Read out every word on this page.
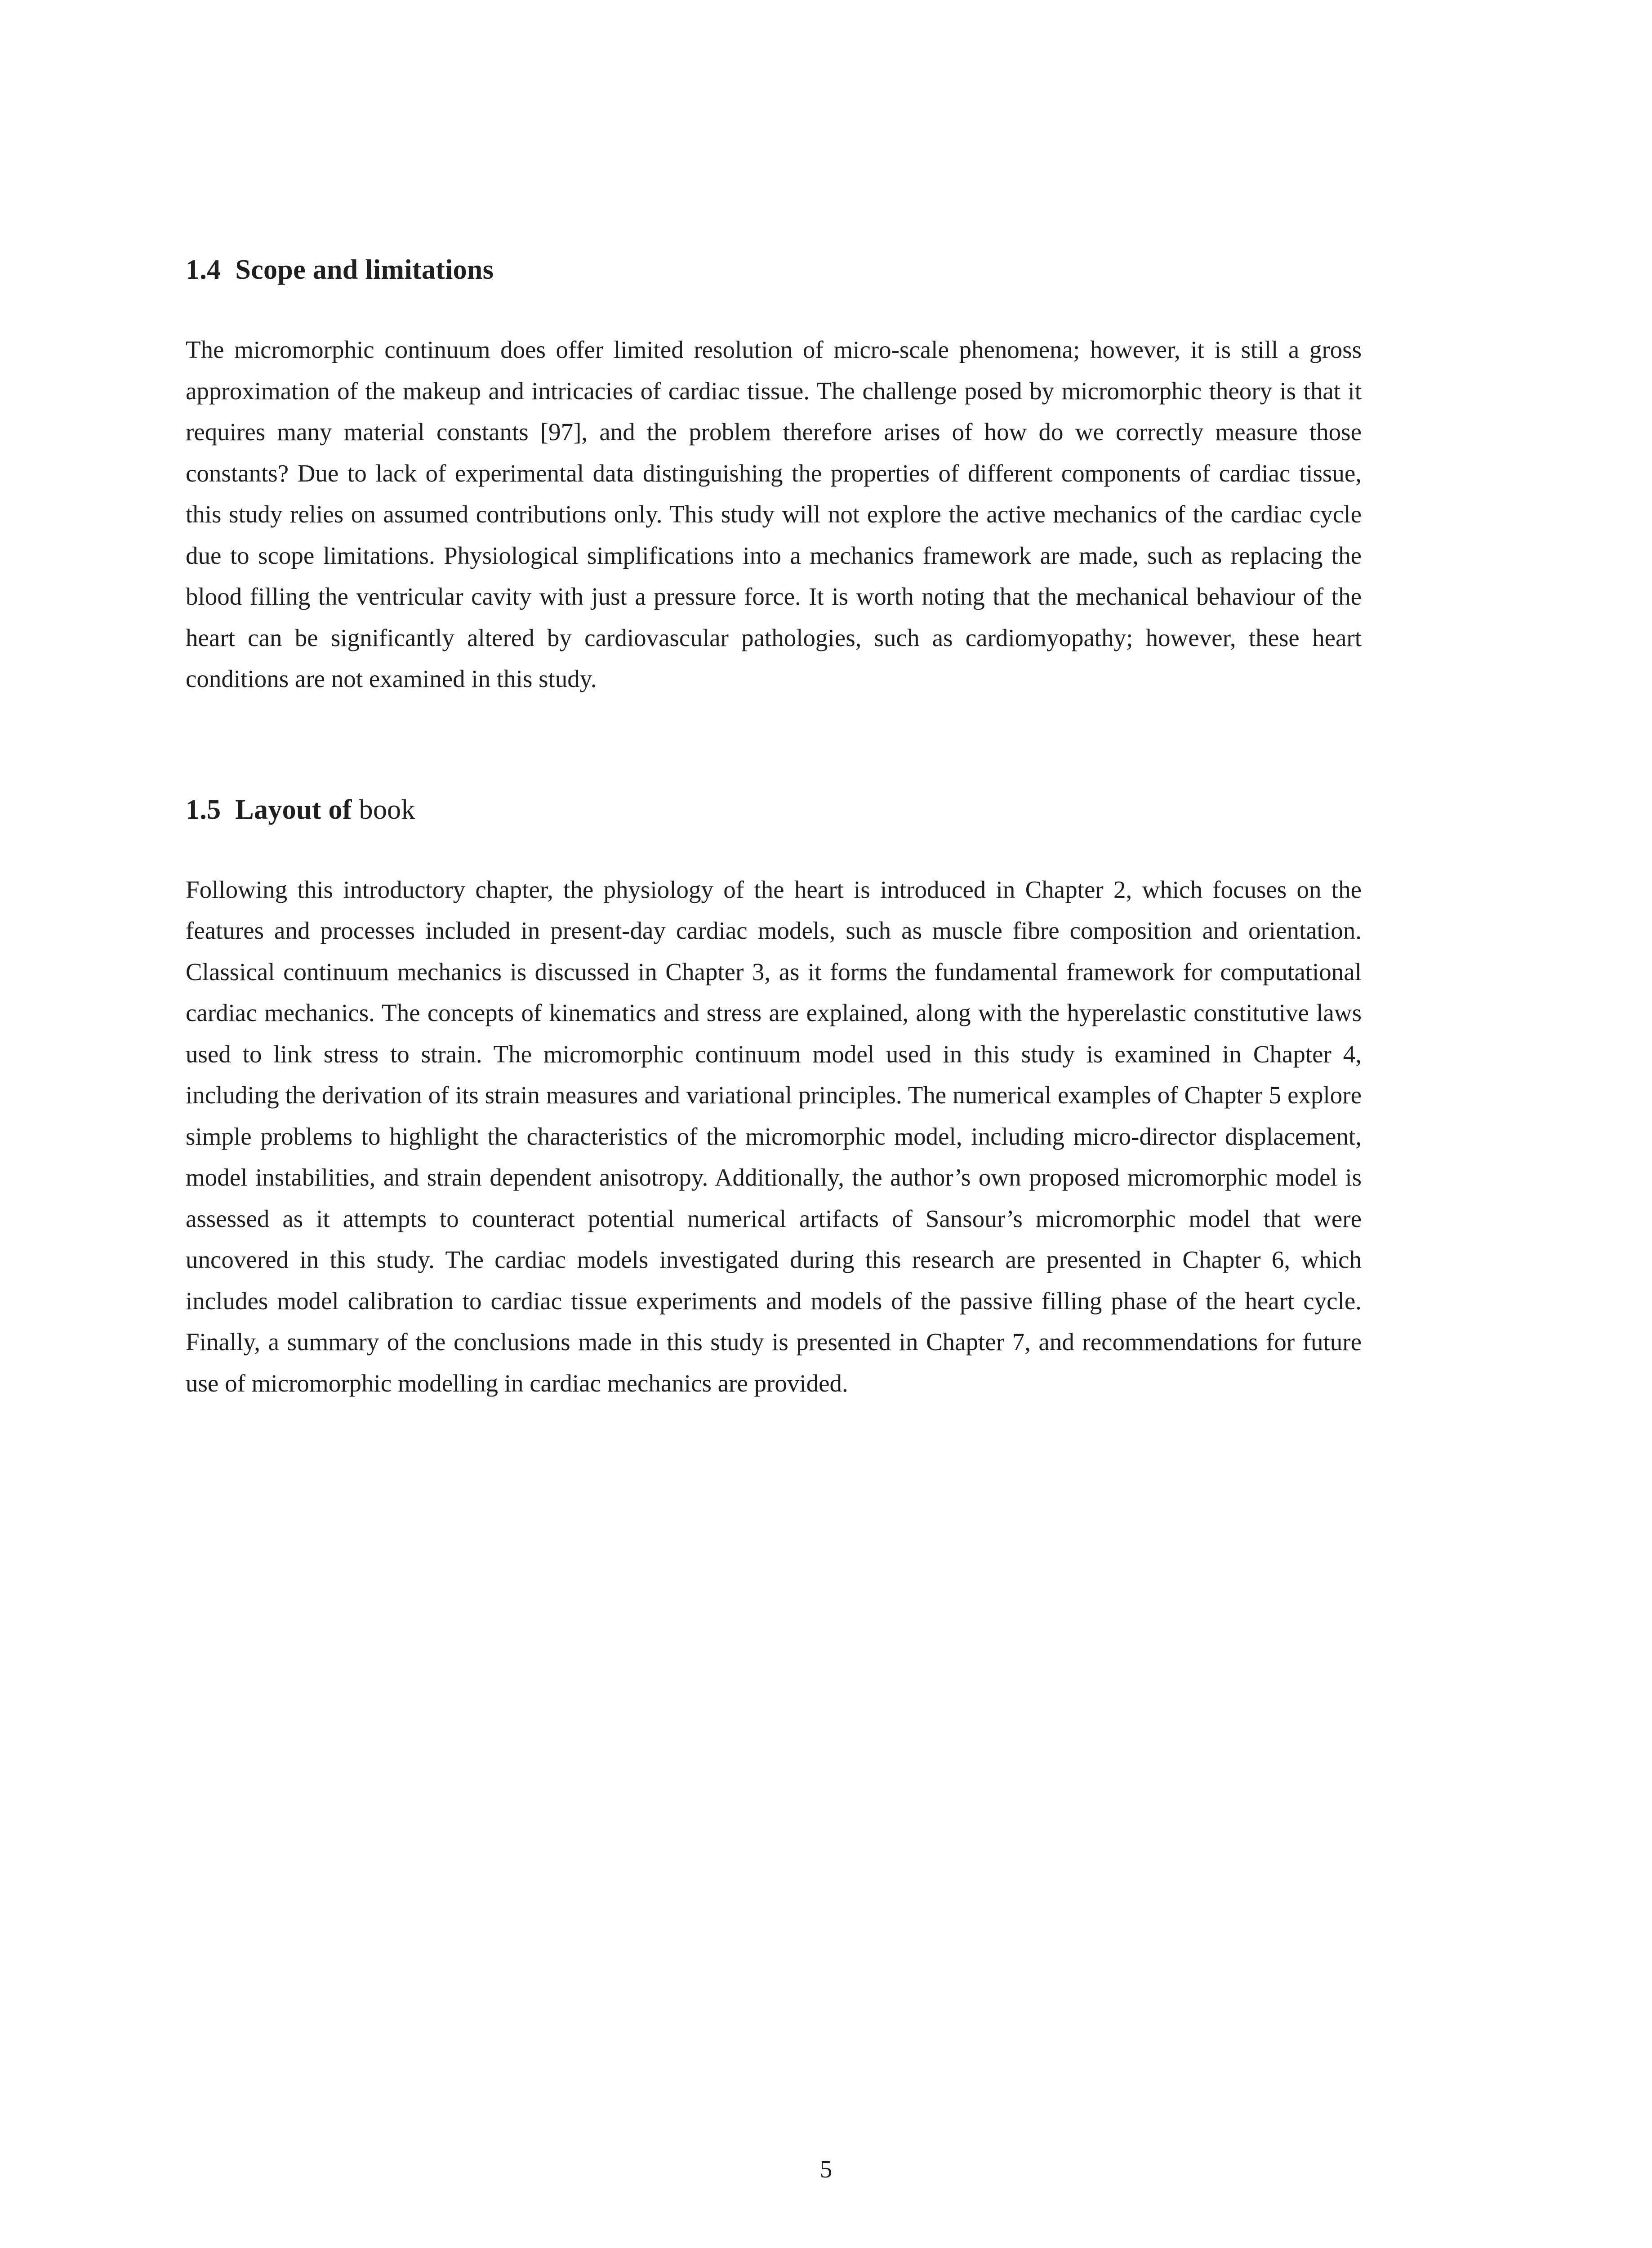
1.4 Scope and limitations

The micromorphic continuum does offer limited resolution of micro-scale phenomena; however, it is still a gross approximation of the makeup and intricacies of cardiac tissue. The challenge posed by micromorphic theory is that it requires many material constants [97], and the problem therefore arises of how do we correctly measure those constants? Due to lack of experimental data distinguishing the properties of different components of cardiac tissue, this study relies on assumed contributions only. This study will not explore the active mechanics of the cardiac cycle due to scope limitations. Physiological simplifications into a mechanics framework are made, such as replacing the blood filling the ventricular cavity with just a pressure force. It is worth noting that the mechanical behaviour of the heart can be significantly altered by cardiovascular pathologies, such as cardiomyopathy; however, these heart conditions are not examined in this study.

1.5 Layout of book

Following this introductory chapter, the physiology of the heart is introduced in Chapter 2, which focuses on the features and processes included in present-day cardiac models, such as muscle fibre composition and orientation. Classical continuum mechanics is discussed in Chapter 3, as it forms the fundamental framework for computational cardiac mechanics. The concepts of kinematics and stress are explained, along with the hyperelastic constitutive laws used to link stress to strain. The micromorphic continuum model used in this study is examined in Chapter 4, including the derivation of its strain measures and variational principles. The numerical examples of Chapter 5 explore simple problems to highlight the characteristics of the micromorphic model, including micro-director displacement, model instabilities, and strain dependent anisotropy. Additionally, the author’s own proposed micromorphic model is assessed as it attempts to counteract potential numerical artifacts of Sansour’s micromorphic model that were uncovered in this study. The cardiac models investigated during this research are presented in Chapter 6, which includes model calibration to cardiac tissue experiments and models of the passive filling phase of the heart cycle. Finally, a summary of the conclusions made in this study is presented in Chapter 7, and recommendations for future use of micromorphic modelling in cardiac mechanics are provided.

5
